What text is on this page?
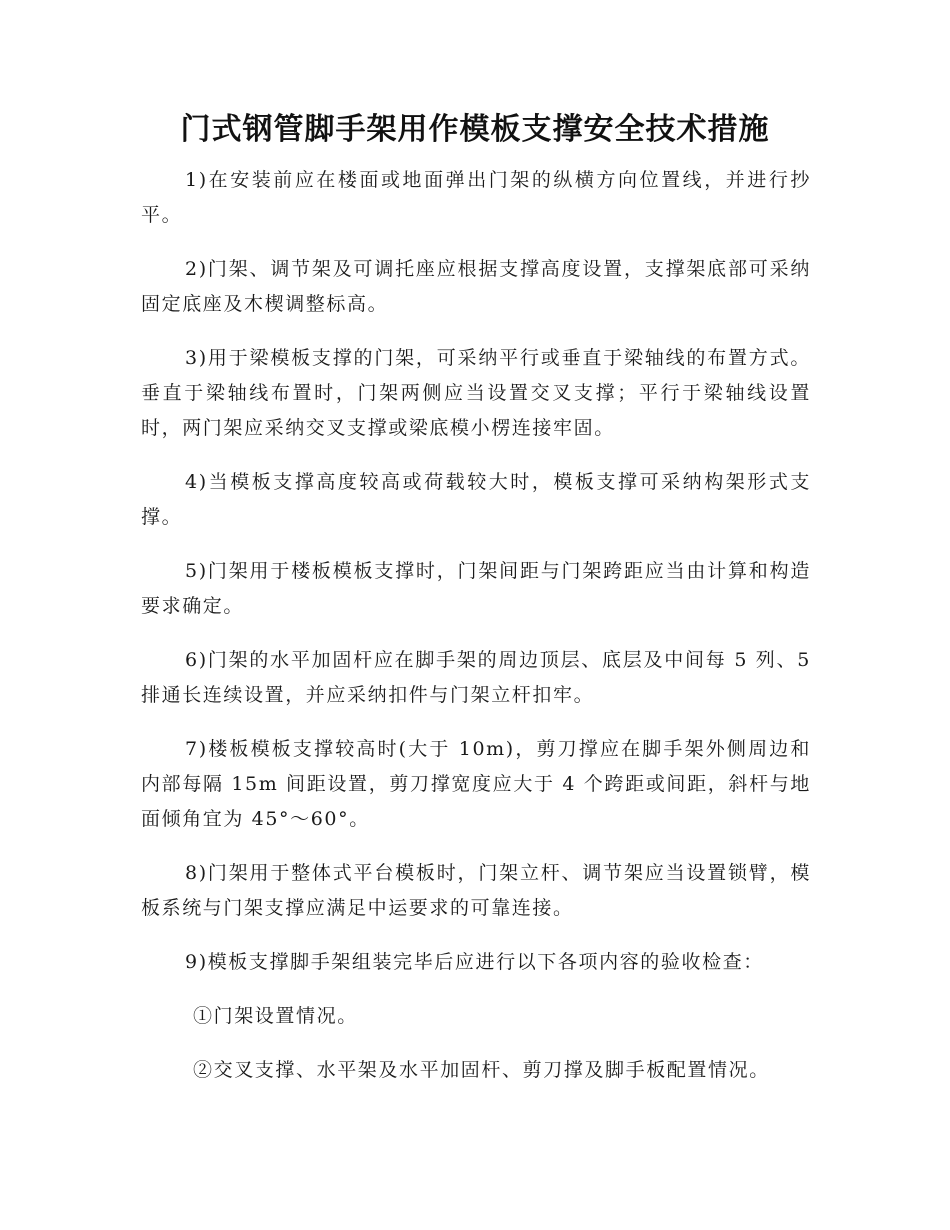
门式钢管脚手架用作模板支撑安全技术措施

1)在安装前应在楼面或地面弹出门架的纵横方向位置线，并进行抄平。

2)门架、调节架及可调托座应根据支撑高度设置，支撑架底部可采纳固定底座及木楔调整标高。

3)用于梁模板支撑的门架，可采纳平行或垂直于梁轴线的布置方式。垂直于梁轴线布置时，门架两侧应当设置交叉支撑；平行于梁轴线设置时，两门架应采纳交叉支撑或梁底模小楞连接牢固。

4)当模板支撑高度较高或荷载较大时，模板支撑可采纳构架形式支撑。

5)门架用于楼板模板支撑时，门架间距与门架跨距应当由计算和构造要求确定。

6)门架的水平加固杆应在脚手架的周边顶层、底层及中间每 5 列、5 排通长连续设置，并应采纳扣件与门架立杆扣牢。

7)楼板模板支撑较高时(大于 10m)，剪刀撑应在脚手架外侧周边和内部每隔 15m 间距设置，剪刀撑宽度应大于 4 个跨距或间距，斜杆与地面倾角宜为 45°～60°。

8)门架用于整体式平台模板时，门架立杆、调节架应当设置锁臂，模板系统与门架支撑应满足中运要求的可靠连接。

9)模板支撑脚手架组装完毕后应进行以下各项内容的验收检查：

①门架设置情况。

②交叉支撑、水平架及水平加固杆、剪刀撑及脚手板配置情况。
